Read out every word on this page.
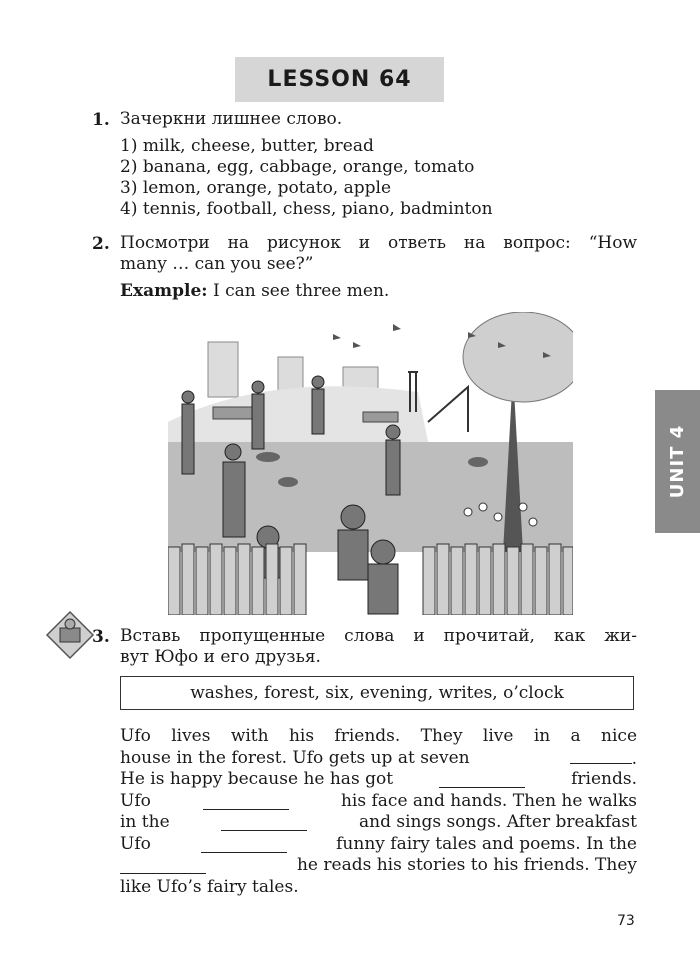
LESSON 64
UNIT 4
1. Зачеркни лишнее слово.
1) milk, cheese, butter, bread
2) banana, egg, cabbage, orange, tomato
3) lemon, orange, potato, apple
4) tennis, football, chess, piano, badminton
2. Посмотри на рисунок и ответь на вопрос: “How
many … can you see?”
Example: I can see three men.
3. Вставь пропущенные слова и прочитай, как жи-
вут Юфо и его друзья.
washes, forest, six, evening, writes, o’clock
Ufo lives with his friends. They live in a nice
house in the forest. Ufo gets up at seven	.
He is happy because he has got	friends.
Ufo	his face and hands. Then he walks
in the	and sings songs. After breakfast
Ufo	funny fairy tales and poems. In the
he reads his stories to his friends. They
like Ufo’s fairy tales.
73
